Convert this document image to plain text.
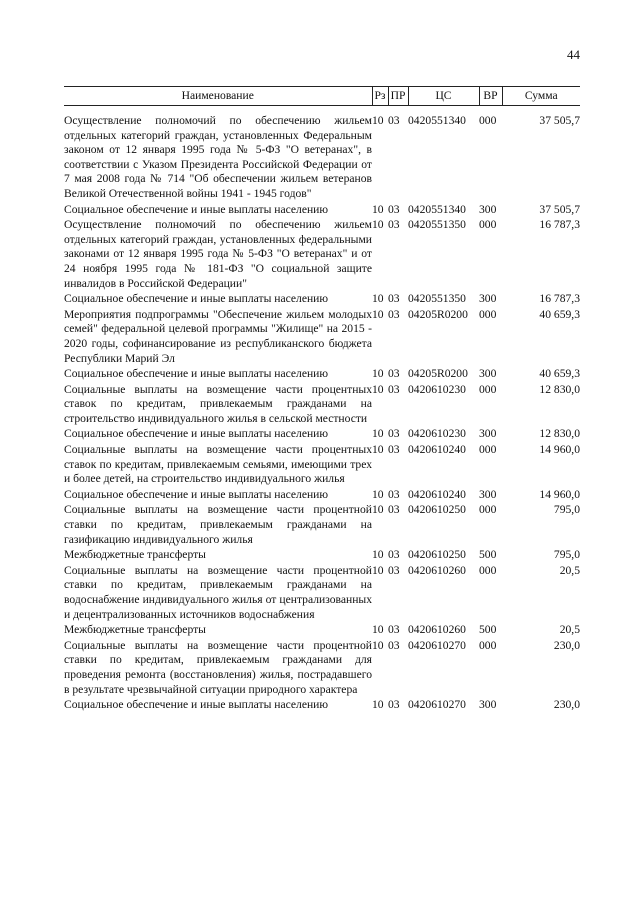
44
Наименование	Рз	ПР	ЦС	ВР	Сумма

Осуществление полномочий по обеспечению жильем отдельных категорий граждан, установленных Федеральным законом от 12 января 1995 года № 5-ФЗ "О ветеранах", в соответствии с Указом Президента Российской Федерации от 7 мая 2008 года № 714 "Об обеспечении жильем ветеранов Великой Отечественной войны 1941 - 1945 годов"	10	03	0420551340	000	37 505,7
Социальное обеспечение и иные выплаты населению	10	03	0420551340	300	37 505,7
Осуществление полномочий по обеспечению жильем отдельных категорий граждан, установленных федеральными законами от 12 января 1995 года № 5-ФЗ "О ветеранах" и от 24 ноября 1995 года № 181-ФЗ "О социальной защите инвалидов в Российской Федерации"	10	03	0420551350	000	16 787,3
Социальное обеспечение и иные выплаты населению	10	03	0420551350	300	16 787,3
Мероприятия подпрограммы "Обеспечение жильем молодых семей" федеральной целевой программы "Жилище" на 2015 - 2020 годы, софинансирование из республиканского бюджета Республики Марий Эл	10	03	04205R0200	000	40 659,3
Социальное обеспечение и иные выплаты населению	10	03	04205R0200	300	40 659,3
Социальные выплаты на возмещение части процентных ставок по кредитам, привлекаемым гражданами на строительство индивидуального жилья в сельской местности	10	03	0420610230	000	12 830,0
Социальное обеспечение и иные выплаты населению	10	03	0420610230	300	12 830,0
Социальные выплаты на возмещение части процентных ставок по кредитам, привлекаемым семьями, имеющими трех и более детей, на строительство индивидуального жилья	10	03	0420610240	000	14 960,0
Социальное обеспечение и иные выплаты населению	10	03	0420610240	300	14 960,0
Социальные выплаты на возмещение части процентной ставки по кредитам, привлекаемым гражданами на газификацию индивидуального жилья	10	03	0420610250	000	795,0
Межбюджетные трансферты	10	03	0420610250	500	795,0
Социальные выплаты на возмещение части процентной ставки по кредитам, привлекаемым гражданами на водоснабжение индивидуального жилья от централизованных и децентрализованных источников водоснабжения	10	03	0420610260	000	20,5
Межбюджетные трансферты	10	03	0420610260	500	20,5
Социальные выплаты на возмещение части процентной ставки по кредитам, привлекаемым гражданами для проведения ремонта (восстановления) жилья, пострадавшего в результате чрезвычайной ситуации природного характера	10	03	0420610270	000	230,0
Социальное обеспечение и иные выплаты населению	10	03	0420610270	300	230,0
